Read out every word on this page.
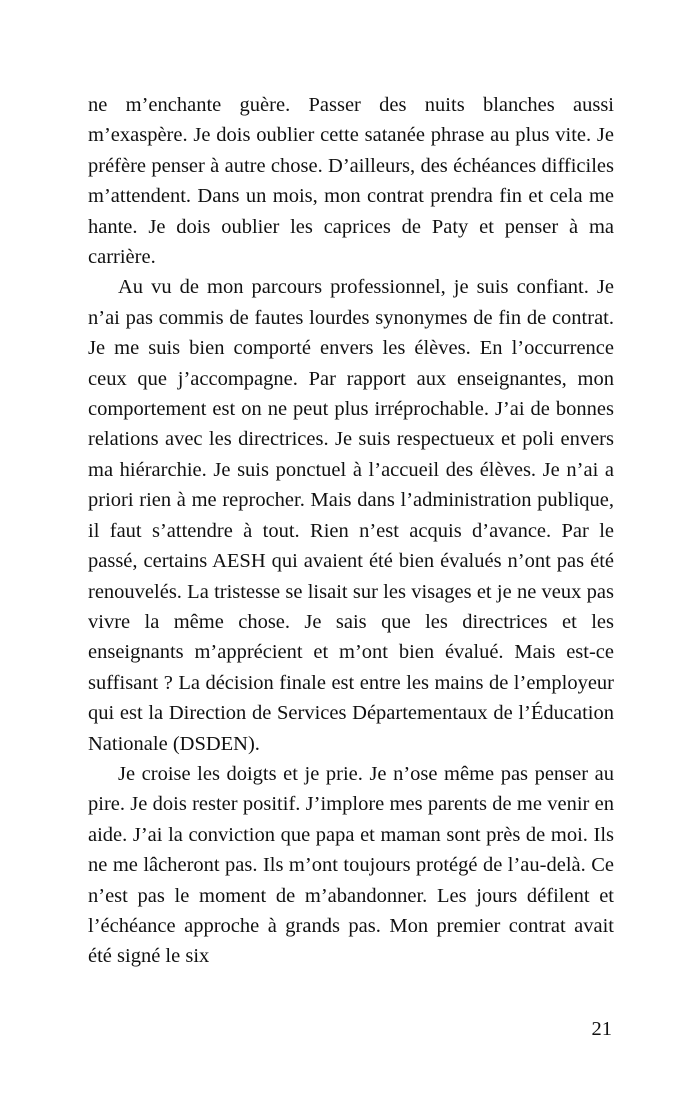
ne m’enchante guère. Passer des nuits blanches aussi m’exaspère. Je dois oublier cette satanée phrase au plus vite. Je préfère penser à autre chose. D’ailleurs, des échéances difficiles m’attendent. Dans un mois, mon contrat prendra fin et cela me hante. Je dois oublier les caprices de Paty et penser à ma carrière.

Au vu de mon parcours professionnel, je suis confiant. Je n’ai pas commis de fautes lourdes synonymes de fin de contrat. Je me suis bien comporté envers les élèves. En l’occurrence ceux que j’accompagne. Par rapport aux enseignantes, mon comportement est on ne peut plus irréprochable. J’ai de bonnes relations avec les directrices. Je suis respectueux et poli envers ma hiérarchie. Je suis ponctuel à l’accueil des élèves. Je n’ai a priori rien à me reprocher. Mais dans l’administration publique, il faut s’attendre à tout. Rien n’est acquis d’avance. Par le passé, certains AESH qui avaient été bien évalués n’ont pas été renouvelés. La tristesse se lisait sur les visages et je ne veux pas vivre la même chose. Je sais que les directrices et les enseignants m’apprécient et m’ont bien évalué. Mais est-ce suffisant ? La décision finale est entre les mains de l’employeur qui est la Direction de Services Départementaux de l’Éducation Nationale (DSDEN).

Je croise les doigts et je prie. Je n’ose même pas penser au pire. Je dois rester positif. J’implore mes parents de me venir en aide. J’ai la conviction que papa et maman sont près de moi. Ils ne me lâcheront pas. Ils m’ont toujours protégé de l’au-delà. Ce n’est pas le moment de m’abandonner. Les jours défilent et l’échéance approche à grands pas. Mon premier contrat avait été signé le six

21
